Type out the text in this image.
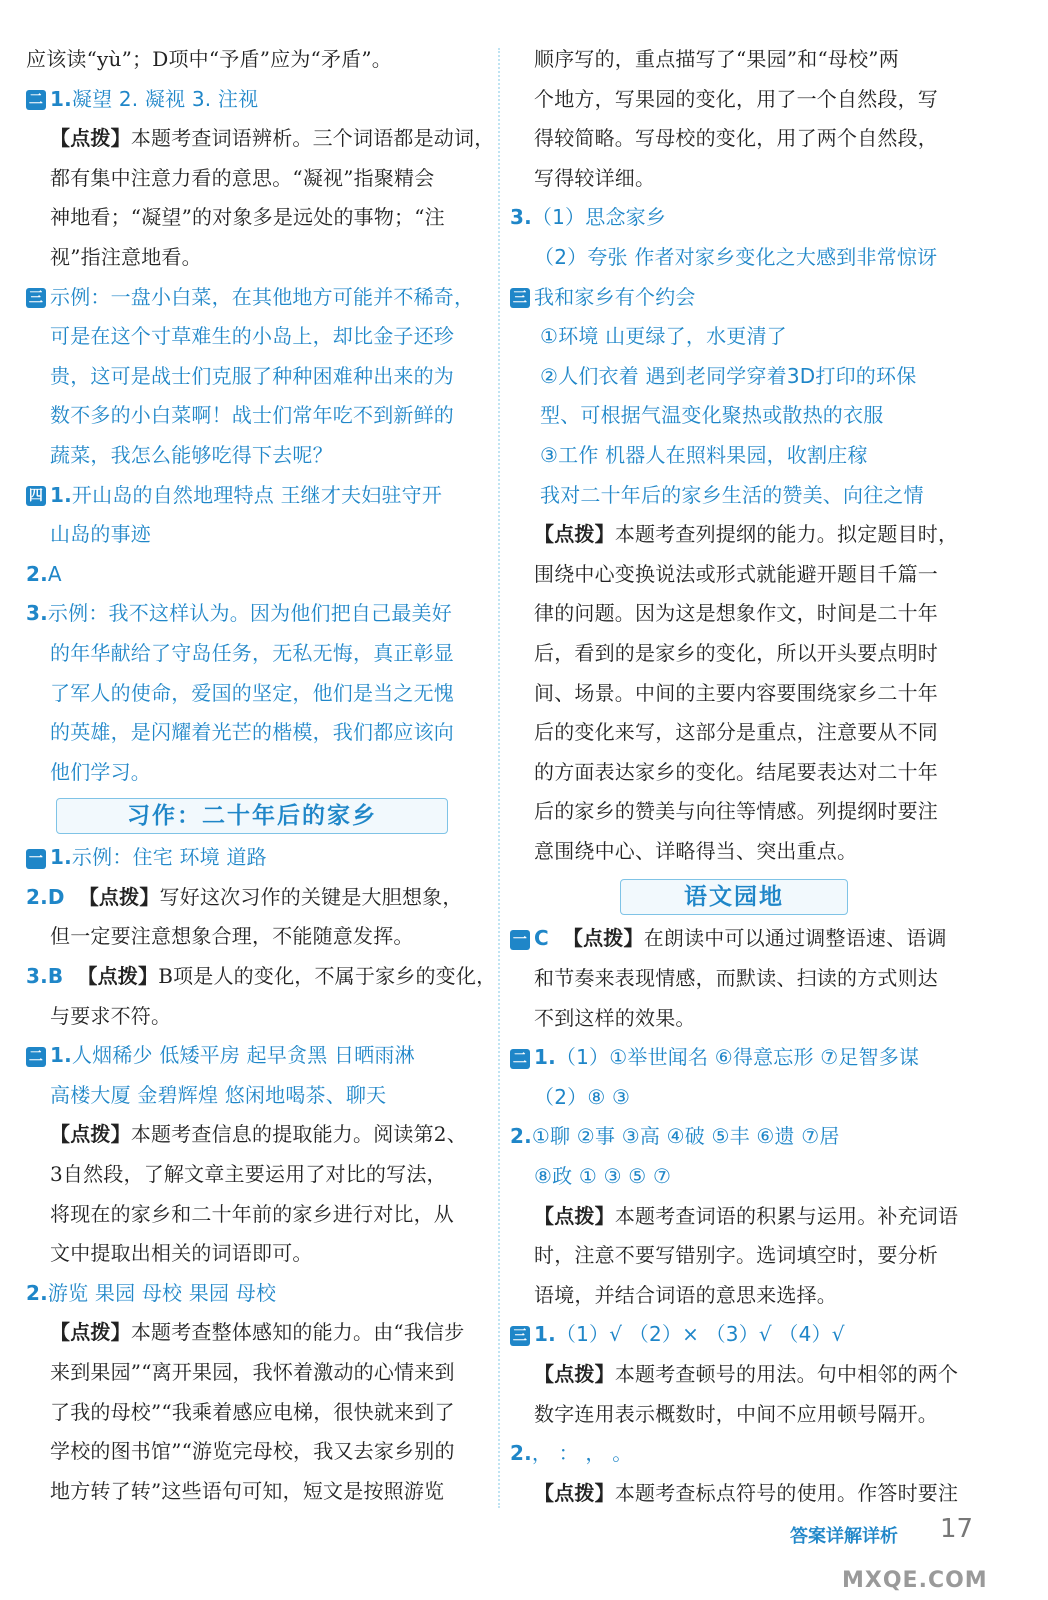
应该读“yù”；D项中“予盾”应为“矛盾”。
二 1.凝望 2. 凝视 3. 注视
【点拨】本题考查词语辨析。三个词语都是动词，
都有集中注意力看的意思。“凝视”指聚精会
神地看；“凝望”的对象多是远处的事物；“注
视”指注意地看。
三 示例：一盘小白菜，在其他地方可能并不稀奇，
可是在这个寸草难生的小岛上，却比金子还珍
贵，这可是战士们克服了种种困难种出来的为
数不多的小白菜啊！战士们常年吃不到新鲜的
蔬菜，我怎么能够吃得下去呢？
四 1.开山岛的自然地理特点 王继才夫妇驻守开
山岛的事迹
2.A
3.示例：我不这样认为。因为他们把自己最美好
的年华献给了守岛任务，无私无悔，真正彰显
了军人的使命，爱国的坚定，他们是当之无愧
的英雄，是闪耀着光芒的楷模，我们都应该向
他们学习。
习作：二十年后的家乡
一 1.示例：住宅 环境 道路
2.D 【点拨】写好这次习作的关键是大胆想象，
但一定要注意想象合理，不能随意发挥。
3.B 【点拨】B项是人的变化，不属于家乡的变化，
与要求不符。
二 1.人烟稀少 低矮平房 起早贪黑 日晒雨淋
高楼大厦 金碧辉煌 悠闲地喝茶、聊天
【点拨】本题考查信息的提取能力。阅读第2、
3自然段，了解文章主要运用了对比的写法，
将现在的家乡和二十年前的家乡进行对比，从
文中提取出相关的词语即可。
2.游览 果园 母校 果园 母校
【点拨】本题考查整体感知的能力。由“我信步
来到果园”“离开果园，我怀着激动的心情来到
了我的母校”“我乘着感应电梯，很快就来到了
学校的图书馆”“游览完母校，我又去家乡别的
地方转了转”这些语句可知，短文是按照游览
顺序写的，重点描写了“果园”和“母校”两
个地方，写果园的变化，用了一个自然段，写
得较简略。写母校的变化，用了两个自然段，
写得较详细。
3.（1）思念家乡
（2）夸张 作者对家乡变化之大感到非常惊讶
三 我和家乡有个约会
①环境 山更绿了，水更清了
②人们衣着 遇到老同学穿着3D打印的环保
型、可根据气温变化聚热或散热的衣服
③工作 机器人在照料果园，收割庄稼
我对二十年后的家乡生活的赞美、向往之情
【点拨】本题考查列提纲的能力。拟定题目时，
围绕中心变换说法或形式就能避开题目千篇一
律的问题。因为这是想象作文，时间是二十年
后，看到的是家乡的变化，所以开头要点明时
间、场景。中间的主要内容要围绕家乡二十年
后的变化来写，这部分是重点，注意要从不同
的方面表达家乡的变化。结尾要表达对二十年
后的家乡的赞美与向往等情感。列提纲时要注
意围绕中心、详略得当、突出重点。
语文园地
一 C 【点拨】在朗读中可以通过调整语速、语调
和节奏来表现情感，而默读、扫读的方式则达
不到这样的效果。
二 1.（1）①举世闻名 ⑥得意忘形 ⑦足智多谋
（2）⑧ ③
2.①聊 ②事 ③高 ④破 ⑤丰 ⑥遗 ⑦居
⑧政 ① ③ ⑤ ⑦
【点拨】本题考查词语的积累与运用。补充词语
时，注意不要写错别字。选词填空时，要分析
语境，并结合词语的意思来选择。
三 1.（1）√ （2）× （3）√ （4）√
【点拨】本题考查顿号的用法。句中相邻的两个
数字连用表示概数时，中间不应用顿号隔开。
2.， ： ， 。
【点拨】本题考查标点符号的使用。作答时要注
答案详解详析 17
MXQE.COM
